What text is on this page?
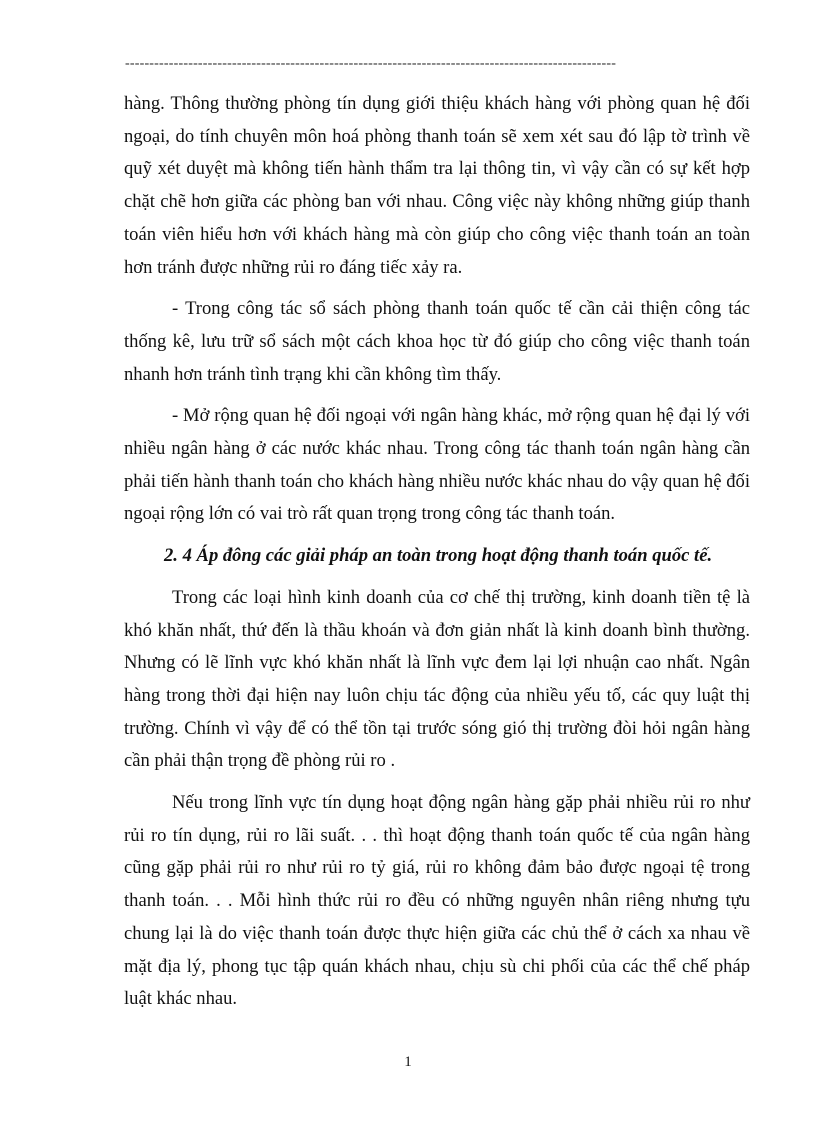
-----------------------------------------------------------------------------------------------------

hàng. Thông thường phòng tín dụng giới thiệu khách hàng với phòng quan hệ đối ngoại, do tính chuyên môn hoá phòng thanh toán sẽ xem xét sau đó lập tờ trình về quỹ xét duyệt mà không tiến hành thẩm tra lại thông tin, vì vậy cần có sự kết hợp chặt chẽ hơn giữa các phòng ban với nhau. Công việc này không những giúp thanh toán viên hiểu hơn với khách hàng mà còn giúp cho công việc thanh toán an toàn hơn tránh được những rủi ro đáng tiếc xảy ra.

- Trong công tác sổ sách phòng thanh toán quốc tế cần cải thiện công tác thống kê, lưu trữ sổ sách một cách khoa học từ đó giúp cho công việc thanh toán nhanh hơn tránh tình trạng khi cần không tìm thấy.

- Mở rộng quan hệ đối ngoại với ngân hàng khác, mở rộng quan hệ đại lý với nhiều ngân hàng ở các nước khác nhau. Trong công tác thanh toán ngân hàng cần phải tiến hành thanh toán cho khách hàng nhiều nước khác nhau do vậy quan hệ đối ngoại rộng lớn có vai trò rất quan trọng trong công tác thanh toán.

2. 4 Áp đông các giải pháp an toàn trong hoạt động thanh toán quốc tế.

Trong các loại hình kinh doanh của cơ chế thị trường, kinh doanh tiền tệ là khó khăn nhất, thứ đến là thầu khoán và đơn giản nhất là kinh doanh bình thường. Nhưng có lẽ lĩnh vực khó khăn nhất là lĩnh vực đem lại lợi nhuận cao nhất. Ngân hàng trong thời đại hiện nay luôn chịu tác động của nhiều yếu tố, các quy luật thị trường. Chính vì vậy để có thể tồn tại trước sóng gió thị trường đòi hỏi ngân hàng cần phải thận trọng đề phòng rủi ro .

Nếu trong lĩnh vực tín dụng hoạt động ngân hàng gặp phải nhiều rủi ro như rủi ro tín dụng, rủi ro lãi suất. . . thì hoạt động thanh toán quốc tế của ngân hàng cũng gặp phải rủi ro như rủi ro tỷ giá, rủi ro không đảm bảo được ngoại tệ trong thanh toán. . . Mỗi hình thức rủi ro đều có những nguyên nhân riêng nhưng tựu chung lại là do việc thanh toán được thực hiện giữa các chủ thể ở cách xa nhau về mặt địa lý, phong tục tập quán khách nhau, chịu sù chi phối của các thể chế pháp luật khác nhau.

1
